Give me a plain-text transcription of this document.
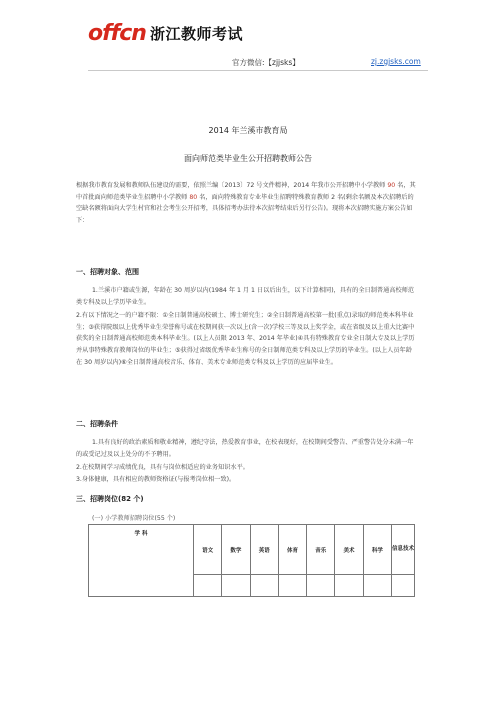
offcn 浙江教师考试
官方微信:【zjjsks】	zj.zgjsks.com
2014 年兰溪市教育局
面向师范类毕业生公开招聘教师公告

根据我市教育发展和教师队伍建设的需要，依照兰编〔2013〕72 号文件精神，2014 年我市公开招聘中小学教师 90 名，其中首批面向师范类毕业生招聘中小学教师 80 名，面向特殊教育专业毕业生招聘特殊教育教师 2 名(剩余名额及本次招聘后的空缺名额将面向大学生村官和社会考生公开招考，具体招考办法待本次招考结束后另行公告)。现将本次招聘实施方案公告如下：

一、招聘对象、范围

1.兰溪市户籍或生源，年龄在 30 周岁以内(1984 年 1 月 1 日以后出生，以下计算相同)，具有的全日制普通高校师范类专科及以上学历毕业生。

2.有以下情况之一的户籍不限：①全日制普通高校硕士、博士研究生；②全日制普通高校第一批(重点)录取的师范类本科毕业生；③获得院级以上优秀毕业生荣誉称号或在校期间获一次以上(含一次)学校三等及以上奖学金，或在省级及以上重大比赛中获奖的全日制普通高校师范类本科毕业生。(以上人员限 2013 年、2014 年毕业)④具有特殊教育专业全日制大专及以上学历并从事特殊教育教师岗位的毕业生；⑤获得过省级优秀毕业生称号的全日制师范类专科及以上学历的毕业生。(以上人员年龄在 30 周岁以内)⑥全日制普通高校音乐、体育、美术专业师范类专科及以上学历的应届毕业生。

二、招聘条件

1.具有良好的政治素质和敬业精神，遵纪守法，热爱教育事业，在校表现好，在校期间受警告、严重警告处分未满一年的或受记过及以上处分的不予聘用。

2.在校期间学习成绩优良，具有与岗位相适应的业务知识水平。

3.身体健康，具有相应的教师资格证(与报考岗位相一致)。

三、招聘岗位(82 个)
(一) 小学教师招聘岗位(55 个)
学 科	语文	数学	英语	体育	音乐	美术	科学	信息技术
